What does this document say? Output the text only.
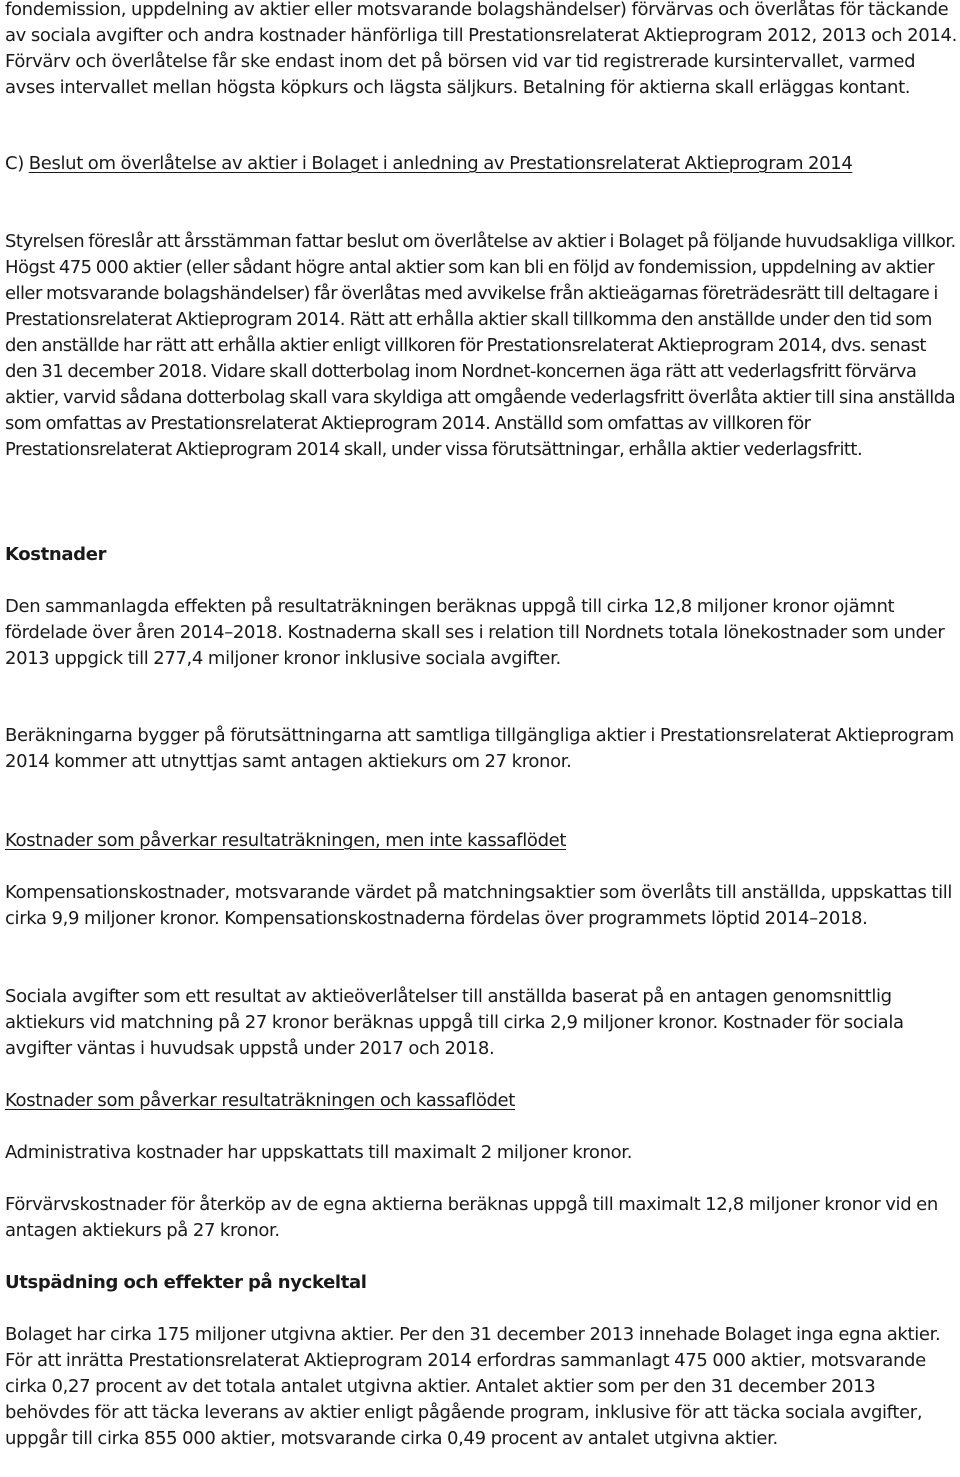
fondemission, uppdelning av aktier eller motsvarande bolagshändelser) förvärvas och överlåtas för täckande av sociala avgifter och andra kostnader hänförliga till Prestationsrelaterat Aktieprogram 2012, 2013 och 2014. Förvärv och överlåtelse får ske endast inom det på börsen vid var tid registrerade kursintervallet, varmed avses intervallet mellan högsta köpkurs och lägsta säljkurs. Betalning för aktierna skall erläggas kontant.

C) Beslut om överlåtelse av aktier i Bolaget i anledning av Prestationsrelaterat Aktieprogram 2014

Styrelsen föreslår att årsstämman fattar beslut om överlåtelse av aktier i Bolaget på följande huvudsakliga villkor. Högst 475 000 aktier (eller sådant högre antal aktier som kan bli en följd av fondemission, uppdelning av aktier eller motsvarande bolagshändelser) får överlåtas med avvikelse från aktieägarnas företrädesrätt till deltagare i Prestationsrelaterat Aktieprogram 2014. Rätt att erhålla aktier skall tillkomma den anställde under den tid som den anställde har rätt att erhålla aktier enligt villkoren för Prestationsrelaterat Aktieprogram 2014, dvs. senast den 31 december 2018. Vidare skall dotterbolag inom Nordnet-koncernen äga rätt att vederlagsfritt förvärva aktier, varvid sådana dotterbolag skall vara skyldiga att omgående vederlagsfritt överlåta aktier till sina anställda som omfattas av Prestationsrelaterat Aktieprogram 2014. Anställd som omfattas av villkoren för Prestationsrelaterat Aktieprogram 2014 skall, under vissa förutsättningar, erhålla aktier vederlagsfritt.

Kostnader

Den sammanlagda effekten på resultaträkningen beräknas uppgå till cirka 12,8 miljoner kronor ojämnt fördelade över åren 2014–2018. Kostnaderna skall ses i relation till Nordnets totala lönekostnader som under 2013 uppgick till 277,4 miljoner kronor inklusive sociala avgifter.

Beräkningarna bygger på förutsättningarna att samtliga tillgängliga aktier i Prestationsrelaterat Aktieprogram 2014 kommer att utnyttjas samt antagen aktiekurs om 27 kronor.

Kostnader som påverkar resultaträkningen, men inte kassaflödet

Kompensationskostnader, motsvarande värdet på matchningsaktier som överlåts till anställda, uppskattas till cirka 9,9 miljoner kronor. Kompensationskostnaderna fördelas över programmets löptid 2014–2018.

Sociala avgifter som ett resultat av aktieöverlåtelser till anställda baserat på en antagen genomsnittlig aktiekurs vid matchning på 27 kronor beräknas uppgå till cirka 2,9 miljoner kronor. Kostnader för sociala avgifter väntas i huvudsak uppstå under 2017 och 2018.

Kostnader som påverkar resultaträkningen och kassaflödet

Administrativa kostnader har uppskattats till maximalt 2 miljoner kronor.

Förvärvskostnader för återköp av de egna aktierna beräknas uppgå till maximalt 12,8 miljoner kronor vid en antagen aktiekurs på 27 kronor.

Utspädning och effekter på nyckeltal

Bolaget har cirka 175 miljoner utgivna aktier. Per den 31 december 2013 innehade Bolaget inga egna aktier. För att inrätta Prestationsrelaterat Aktieprogram 2014 erfordras sammanlagt 475 000 aktier, motsvarande cirka 0,27 procent av det totala antalet utgivna aktier. Antalet aktier som per den 31 december 2013 behövdes för att täcka leverans av aktier enligt pågående program, inklusive för att täcka sociala avgifter, uppgår till cirka 855 000 aktier, motsvarande cirka 0,49 procent av antalet utgivna aktier.
